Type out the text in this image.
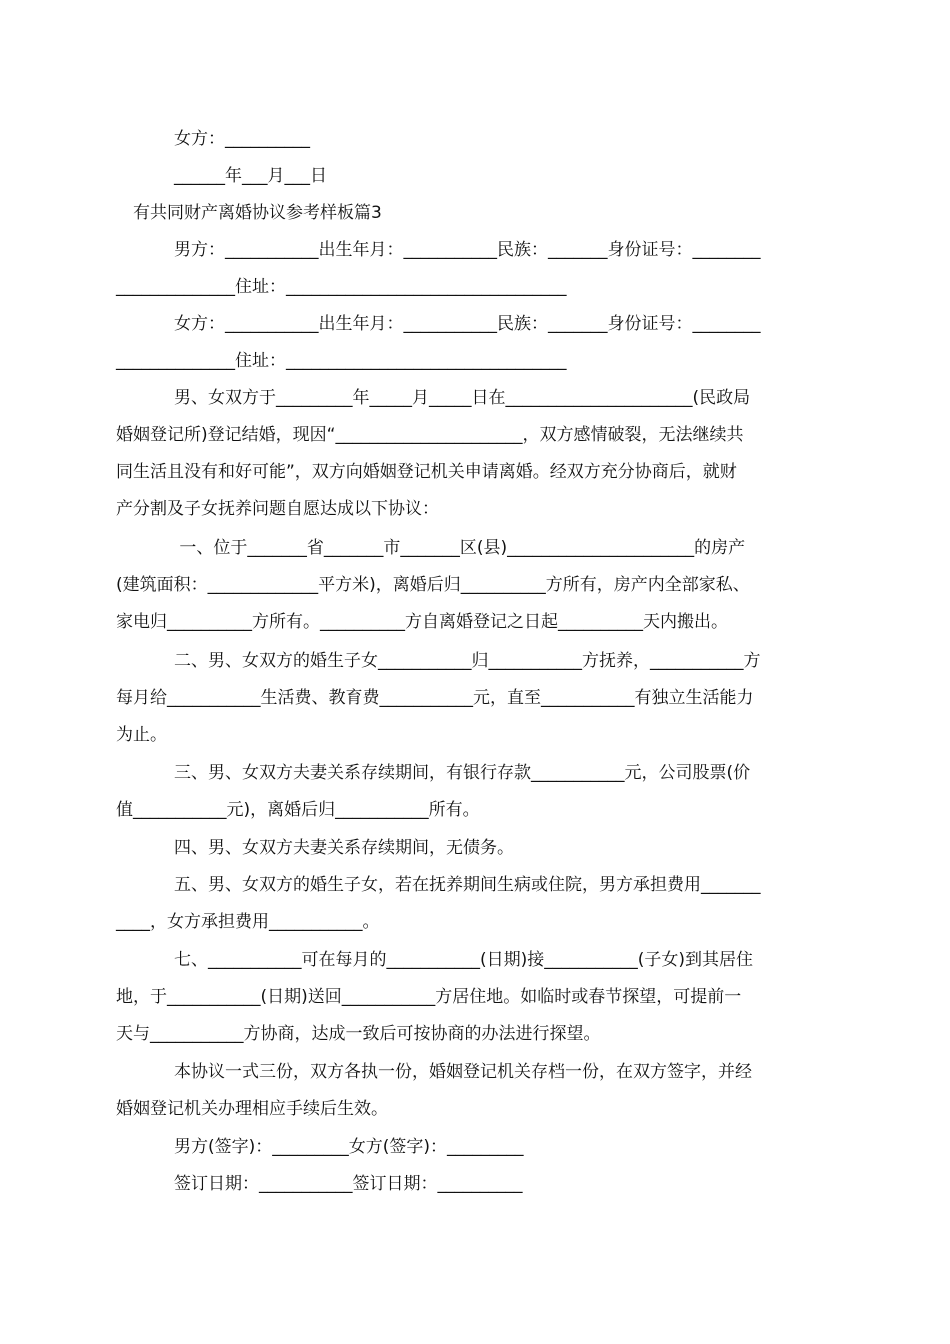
女方：__________
______年___月___日
有共同财产离婚协议参考样板篇3
男方：___________出生年月：___________民族：_______身份证号：________
______________住址：_________________________________
女方：___________出生年月：___________民族：_______身份证号：________
______________住址：_________________________________
男、女双方于_________年_____月_____日在______________________(民政局
婚姻登记所)登记结婚，现因“______________________，双方感情破裂，无法继续共
同生活且没有和好可能”，双方向婚姻登记机关申请离婚。经双方充分协商后，就财
产分割及子女抚养问题自愿达成以下协议：
一、位于_______省_______市_______区(县)______________________的房产
(建筑面积：_____________平方米)，离婚后归__________方所有，房产内全部家私、
家电归__________方所有。__________方自离婚登记之日起__________天内搬出。
二、男、女双方的婚生子女___________归___________方抚养，___________方
每月给___________生活费、教育费___________元，直至___________有独立生活能力
为止。
三、男、女双方夫妻关系存续期间，有银行存款___________元，公司股票(价
值___________元)，离婚后归___________所有。
四、男、女双方夫妻关系存续期间，无债务。
五、男、女双方的婚生子女，若在抚养期间生病或住院，男方承担费用_______
____，女方承担费用___________。
七、___________可在每月的___________(日期)接___________(子女)到其居住
地，于___________(日期)送回___________方居住地。如临时或春节探望，可提前一
天与___________方协商，达成一致后可按协商的办法进行探望。
本协议一式三份，双方各执一份，婚姻登记机关存档一份，在双方签字，并经
婚姻登记机关办理相应手续后生效。
男方(签字)：_________女方(签字)：_________
签订日期：___________签订日期：__________
